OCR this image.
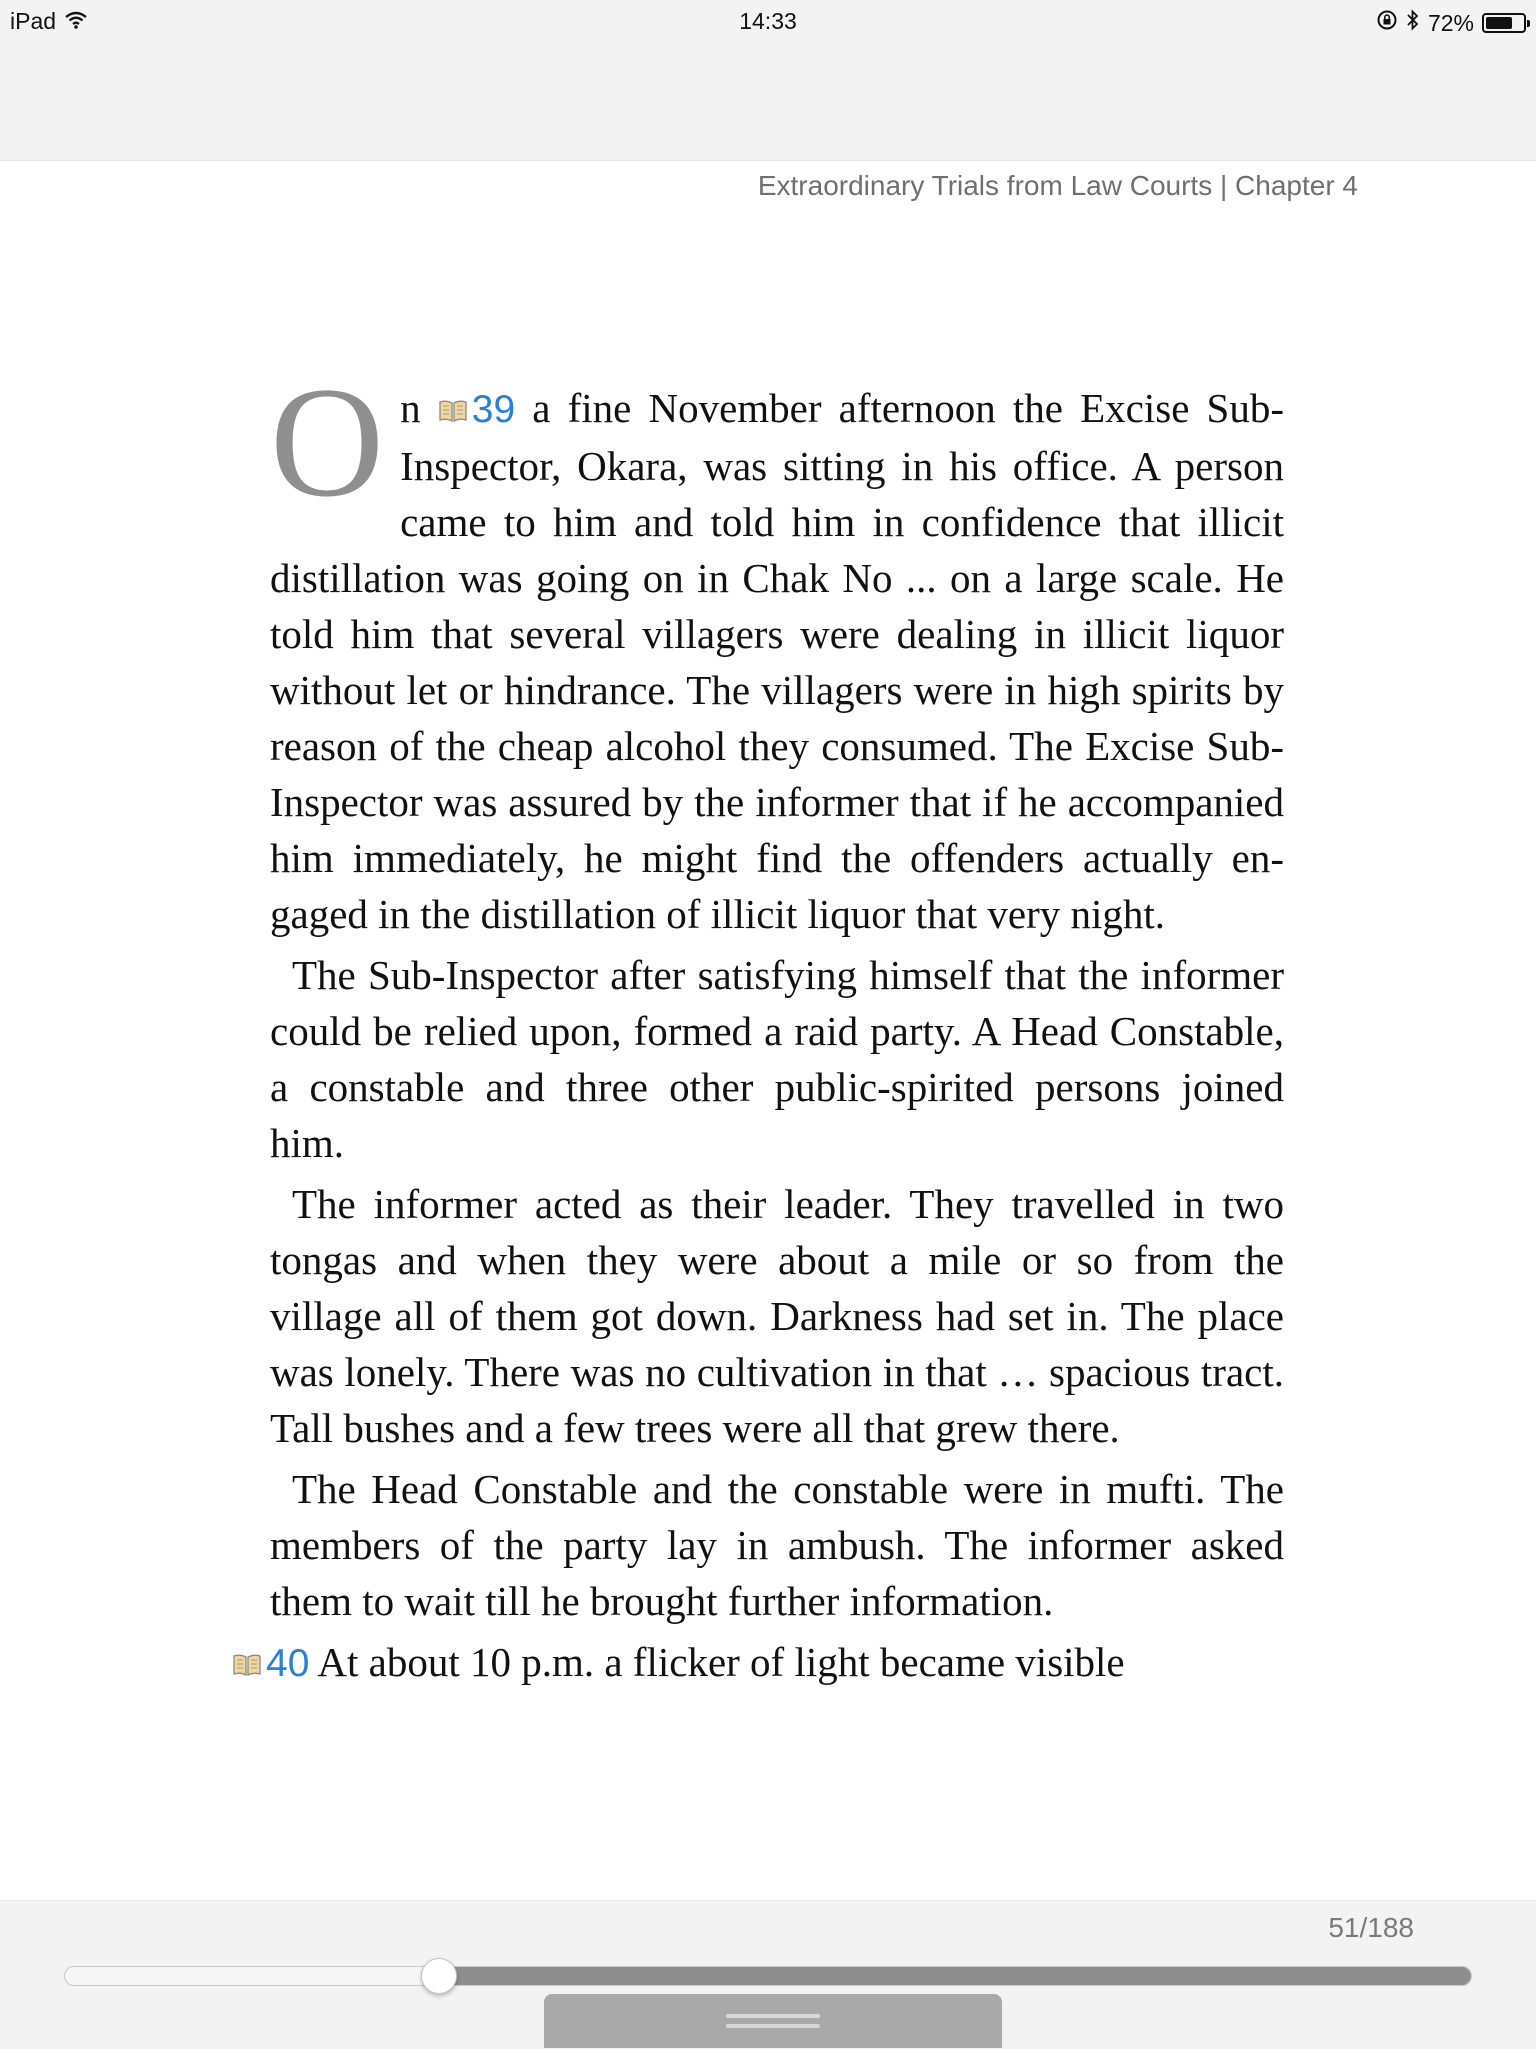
iPad	14:33	72%
Extraordinary Trials from Law Courts | Chapter 4

On 39 a fine November afternoon the Excise Sub- Inspector, Okara, was sitting in his office. A person came to him and told him in confidence that illicit distillation was going on in Chak No ... on a large scale. He told him that several villagers were dealing in illicit liquor without let or hindrance. The villagers were in high spirits by reason of the cheap alcohol they consumed. The Excise Sub-Inspector was assured by the informer that if he accompanied him immediately, he might find the offenders actually en-gaged in the distillation of illicit liquor that very night.

The Sub-Inspector after satisfying himself that the informer could be relied upon, formed a raid party. A Head Constable, a constable and three other public-spirited persons joined him.

The informer acted as their leader. They travelled in two tongas and when they were about a mile or so from the village all of them got down. Darkness had set in. The place was lonely. There was no cultivation in that … spacious tract. Tall bushes and a few trees were all that grew there.

The Head Constable and the constable were in mufti. The members of the party lay in ambush. The informer asked them to wait till he brought further information.

40 At about 10 p.m. a flicker of light became visible

51/188
